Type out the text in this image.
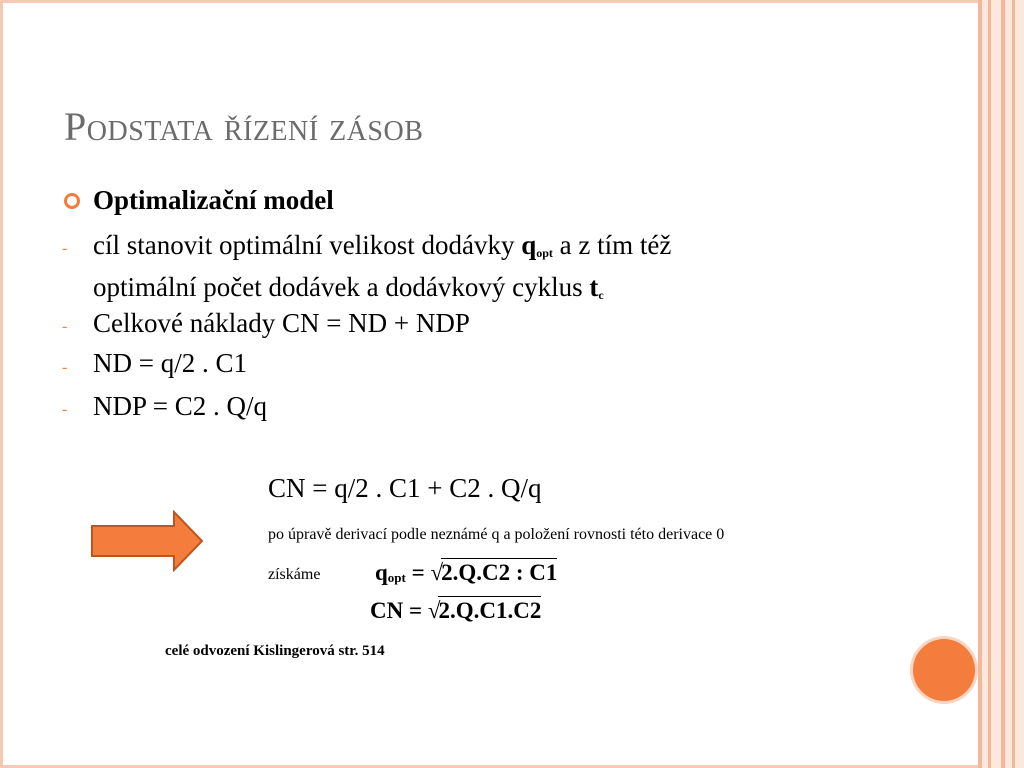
Podstata řízení zásob
Optimalizační model
- cíl stanovit optimální velikost dodávky $q_{opt}$ a z tím též
optimální počet dodávek a dodávkový cyklus $t_c$
- Celkové náklady CN = ND + NDP
- ND = q/2 . C1
- NDP = C2 . Q/q
CN = q/2 . C1 + C2 . Q/q
po úpravě derivací podle neznámé q a položení rovnosti této derivace 0
získáme qopt = √2.Q.C2 : C1
CN = √2.Q.C1.C2
celé odvození Kislingerová str. 514
